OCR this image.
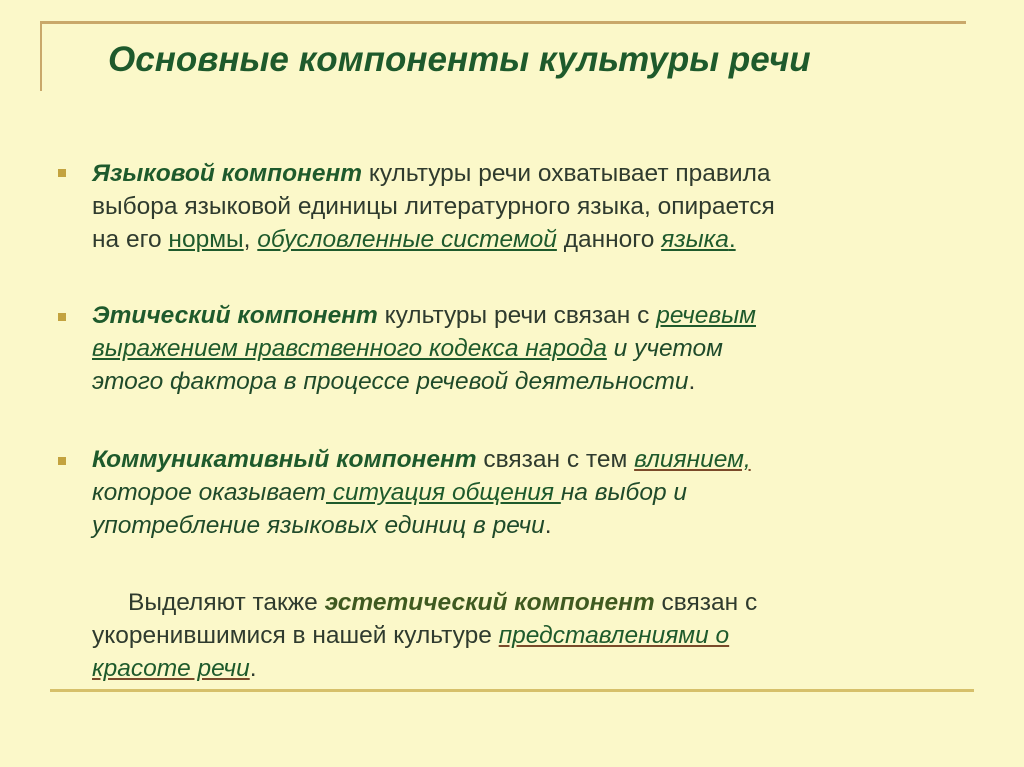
Основные компоненты культуры речи
Языковой компонент культуры речи охватывает правила
выбора языковой единицы литературного языка, опирается
на его нормы, обусловленные системой данного языка.
Этический компонент культуры речи связан с речевым
выражением нравственного кодекса народа и учетом
этого фактора в процессе речевой деятельности.
Коммуникативный компонент связан с тем влиянием,
которое оказывает ситуация общения на выбор и
употребление языковых единиц в речи.
Выделяют также эстетический компонент связан с
укоренившимися в нашей культуре представлениями о
красоте речи.
